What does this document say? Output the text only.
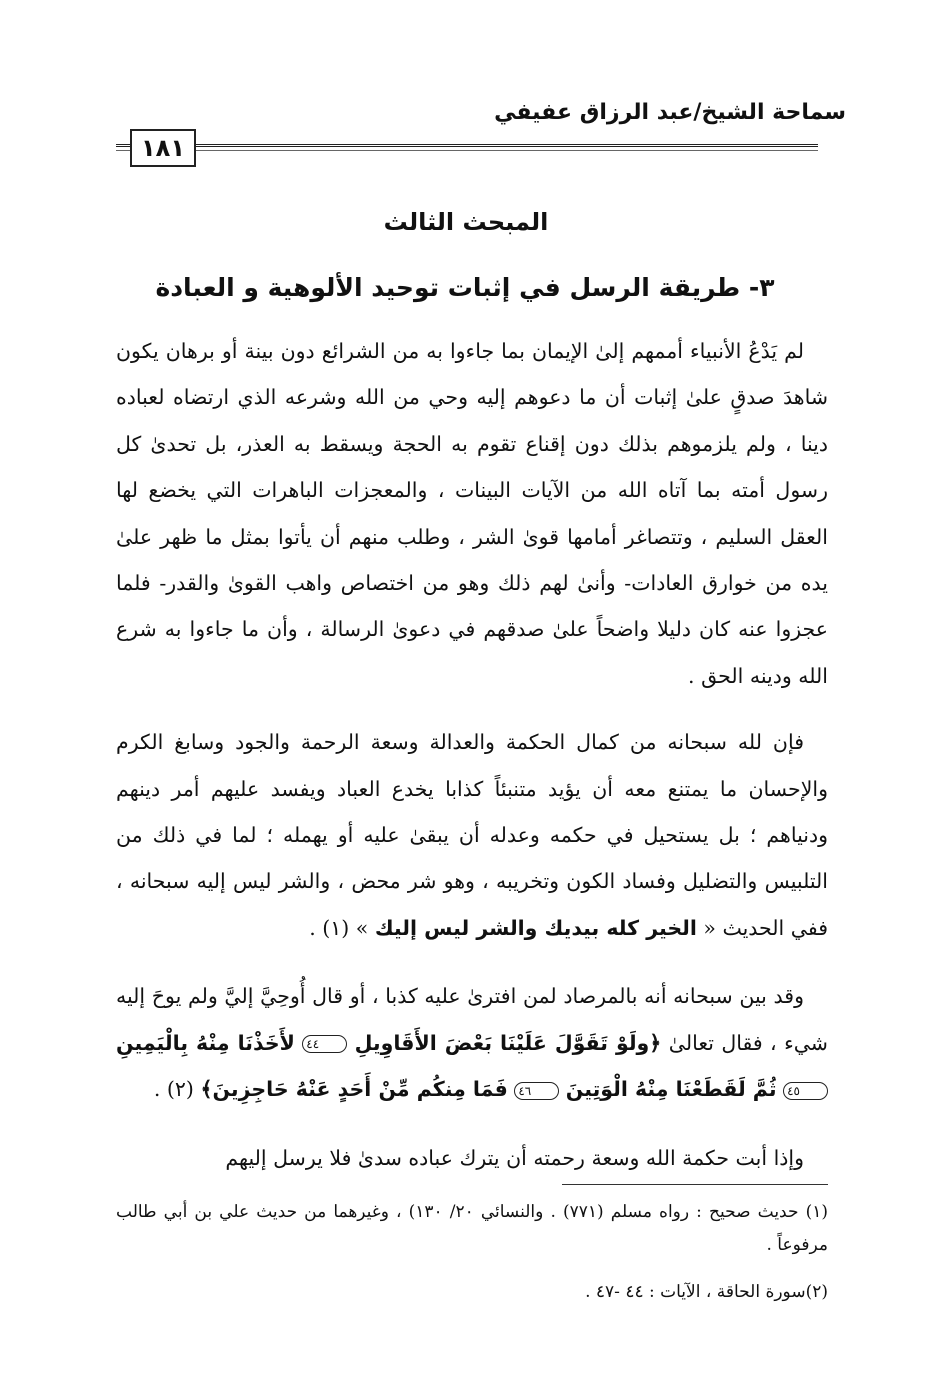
سماحة الشيخ/عبد الرزاق عفيفي
١٨١
المبحث الثالث
٣- طريقة الرسل في إثبات توحيد الألوهية و العبادة

لم يَدْعُ الأنبياء أممهم إلىٰ الإيمان بما جاءوا به من الشرائع دون بينة أو برهان يكون شاهدَ صدقٍ علىٰ إثبات أن ما دعوهم إليه وحي من الله وشرعه الذي ارتضاه لعباده دينا ، ولم يلزموهم بذلك دون إقناع تقوم به الحجة ويسقط به العذر، بل تحدىٰ كل رسول أمته بما آتاه الله من الآيات البينات ، والمعجزات الباهرات التي يخضع لها العقل السليم ، وتتصاغر أمامها قوىٰ الشر ، وطلب منهم أن يأتوا بمثل ما ظهر علىٰ يده من خوارق العادات- وأنىٰ لهم ذلك وهو من اختصاص واهب القوىٰ والقدر- فلما عجزوا عنه كان دليلا واضحاً علىٰ صدقهم في دعوىٰ الرسالة ، وأن ما جاءوا به شرع الله ودينه الحق .

فإن لله سبحانه من كمال الحكمة والعدالة وسعة الرحمة والجود وسابغ الكرم والإحسان ما يمتنع معه أن يؤيد متنبئاً كذابا يخدع العباد ويفسد عليهم أمر دينهم ودنياهم ؛ بل يستحيل في حكمه وعدله أن يبقىٰ عليه أو يهمله ؛ لما في ذلك من التلبيس والتضليل وفساد الكون وتخريبه ، وهو شر محض ، والشر ليس إليه سبحانه ، ففي الحديث « الخير كله بيديك والشر ليس إليك » (١) .

وقد بين سبحانه أنه بالمرصاد لمن افترىٰ عليه كذبا ، أو قال أُوحِيَّ إليَّ ولم يوحَ إليه شيء ، فقال تعالىٰ ﴿ولَوْ تَقَوَّلَ عَلَيْنَا بَعْضَ الأَقَاوِيلِ ٤٤ لأَخَذْنَا مِنْهُ بِالْيَمِينِ ٤٥ ثُمَّ لَقَطَعْنَا مِنْهُ الْوَتِينَ ٤٦ فَمَا مِنكُم مِّنْ أَحَدٍ عَنْهُ حَاجِزِينَ﴾ (٢) .

وإذا أبت حكمة الله وسعة رحمته أن يترك عباده سدىٰ فلا يرسل إليهم

(١) حديث صحيح : رواه مسلم (٧٧١) . والنسائي ٢٠/ ١٣٠) ، وغيرهما من حديث علي بن أبي طالب مرفوعاً .

(٢)سورة الحاقة ، الآيات : ٤٤ -٤٧ .
